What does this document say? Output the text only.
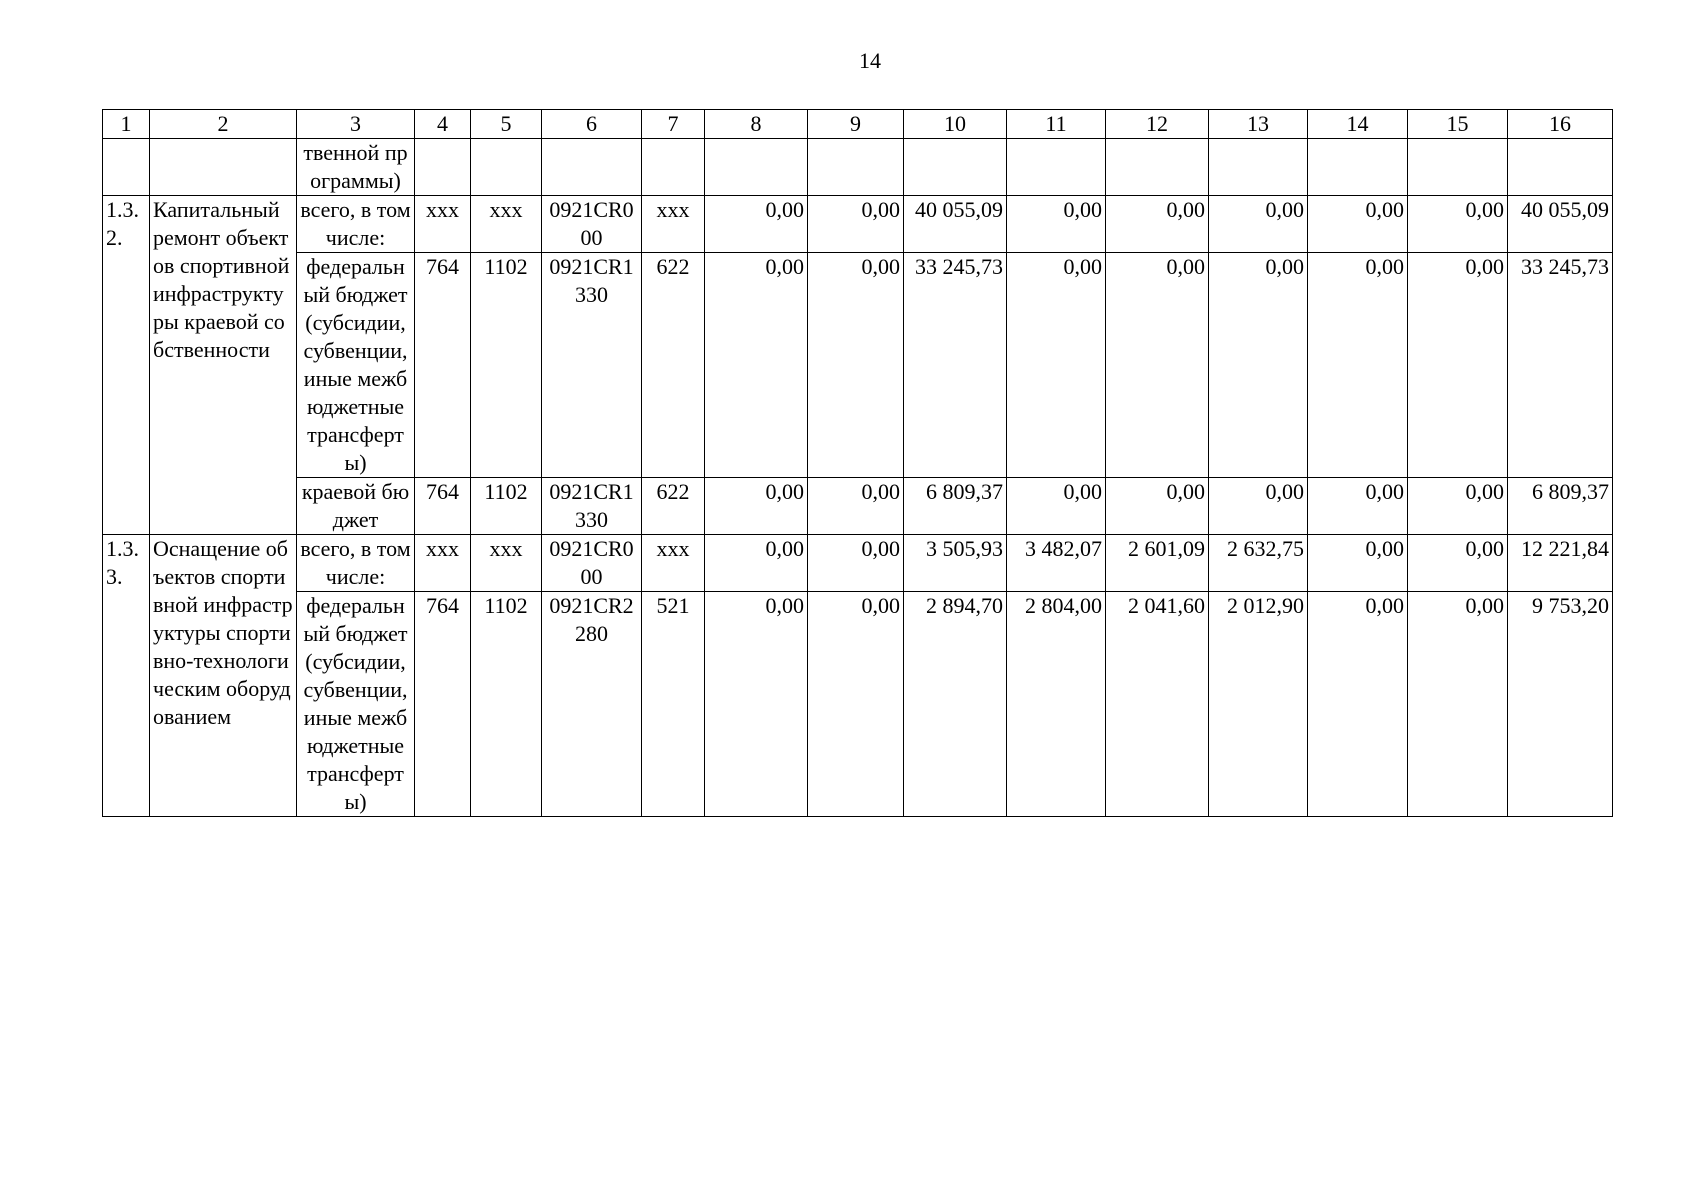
14
1	2	3	4	5	6	7	8	9	10	11	12	13	14	15	16
		твенной программы)													
1.3.2.	Капитальный ремонт объектов спортивной инфраструктуры краевой собственности	всего, в том числе:	xxx	xxx	0921CR000	xxx	0,00	0,00	40 055,09	0,00	0,00	0,00	0,00	0,00	40 055,09
		федеральный бюджет (субсидии, субвенции, иные межбюджетные трансферты)	764	1102	0921CR1330	622	0,00	0,00	33 245,73	0,00	0,00	0,00	0,00	0,00	33 245,73
		краевой бюджет	764	1102	0921CR1330	622	0,00	0,00	6 809,37	0,00	0,00	0,00	0,00	0,00	6 809,37
1.3.3.	Оснащение объектов спортивной инфраструктуры спортивно-технологическим оборудованием	всего, в том числе:	xxx	xxx	0921CR000	xxx	0,00	0,00	3 505,93	3 482,07	2 601,09	2 632,75	0,00	0,00	12 221,84
		федеральный бюджет (субсидии, субвенции, иные межбюджетные трансферты)	764	1102	0921CR2280	521	0,00	0,00	2 894,70	2 804,00	2 041,60	2 012,90	0,00	0,00	9 753,20
